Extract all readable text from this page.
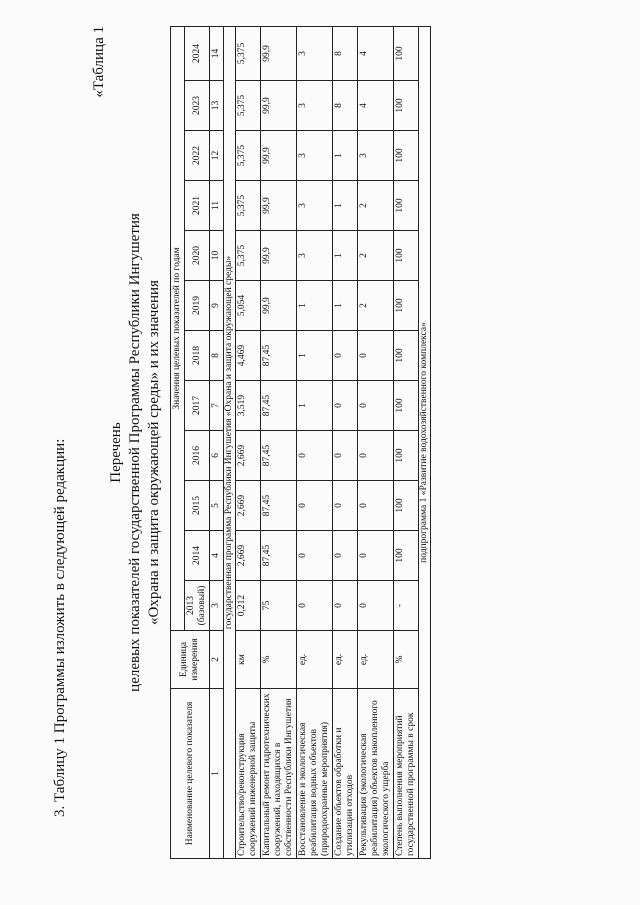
3. Таблицу 1 Программы изложить в следующей редакции:
«Таблица 1
Перечень целевых показателей государственной Программы Республики Ингушетия «Охрана и защита окружающей среды» и их значения
Наименование целевого показателя	Единица измерения	Значения целевых показателей по годам											
		2013 (базовый)	2014	2015	2016	2017	2018	2019	2020	2021	2022	2023	2024
1	2	3	4	5	6	7	8	9	10	11	12	13	14
государственная программа Республики Ингушетия «Охрана и защита окружающей среды»													
Строительство/реконструкция сооружений инженерной защиты	км	0,212	2,669	2,669	2,669	3,519	4,469	5,054	5,375	5,375	5,375	5,375	5,375
Капитальный ремонт гидротехнических сооружений, находящихся в собственности Республики Ингушетия	%	75	87,45	87,45	87,45	87,45	87,45	99,9	99,9	99,9	99,9	99,9	99,9
Восстановление и экологическая реабилитация водных объектов (природоохранные мероприятия)	ед.	0	0	0	0	1	1	1	3	3	3	3	3
Создание объектов обработки и утилизации отходов	ед.	0	0	0	0	0	0	1	1	1	1	8	8
Рекультивация (экологическая реабилитация) объектов накопленного экологического ущерба	ед.	0	0	0	0	0	0	2	2	2	3	4	4
Степень выполнения мероприятий государственной программы в срок	%	-	100	100	100	100	100	100	100	100	100	100	100
подпрограмма 1 «Развитие водохозяйственного комплекса»													
